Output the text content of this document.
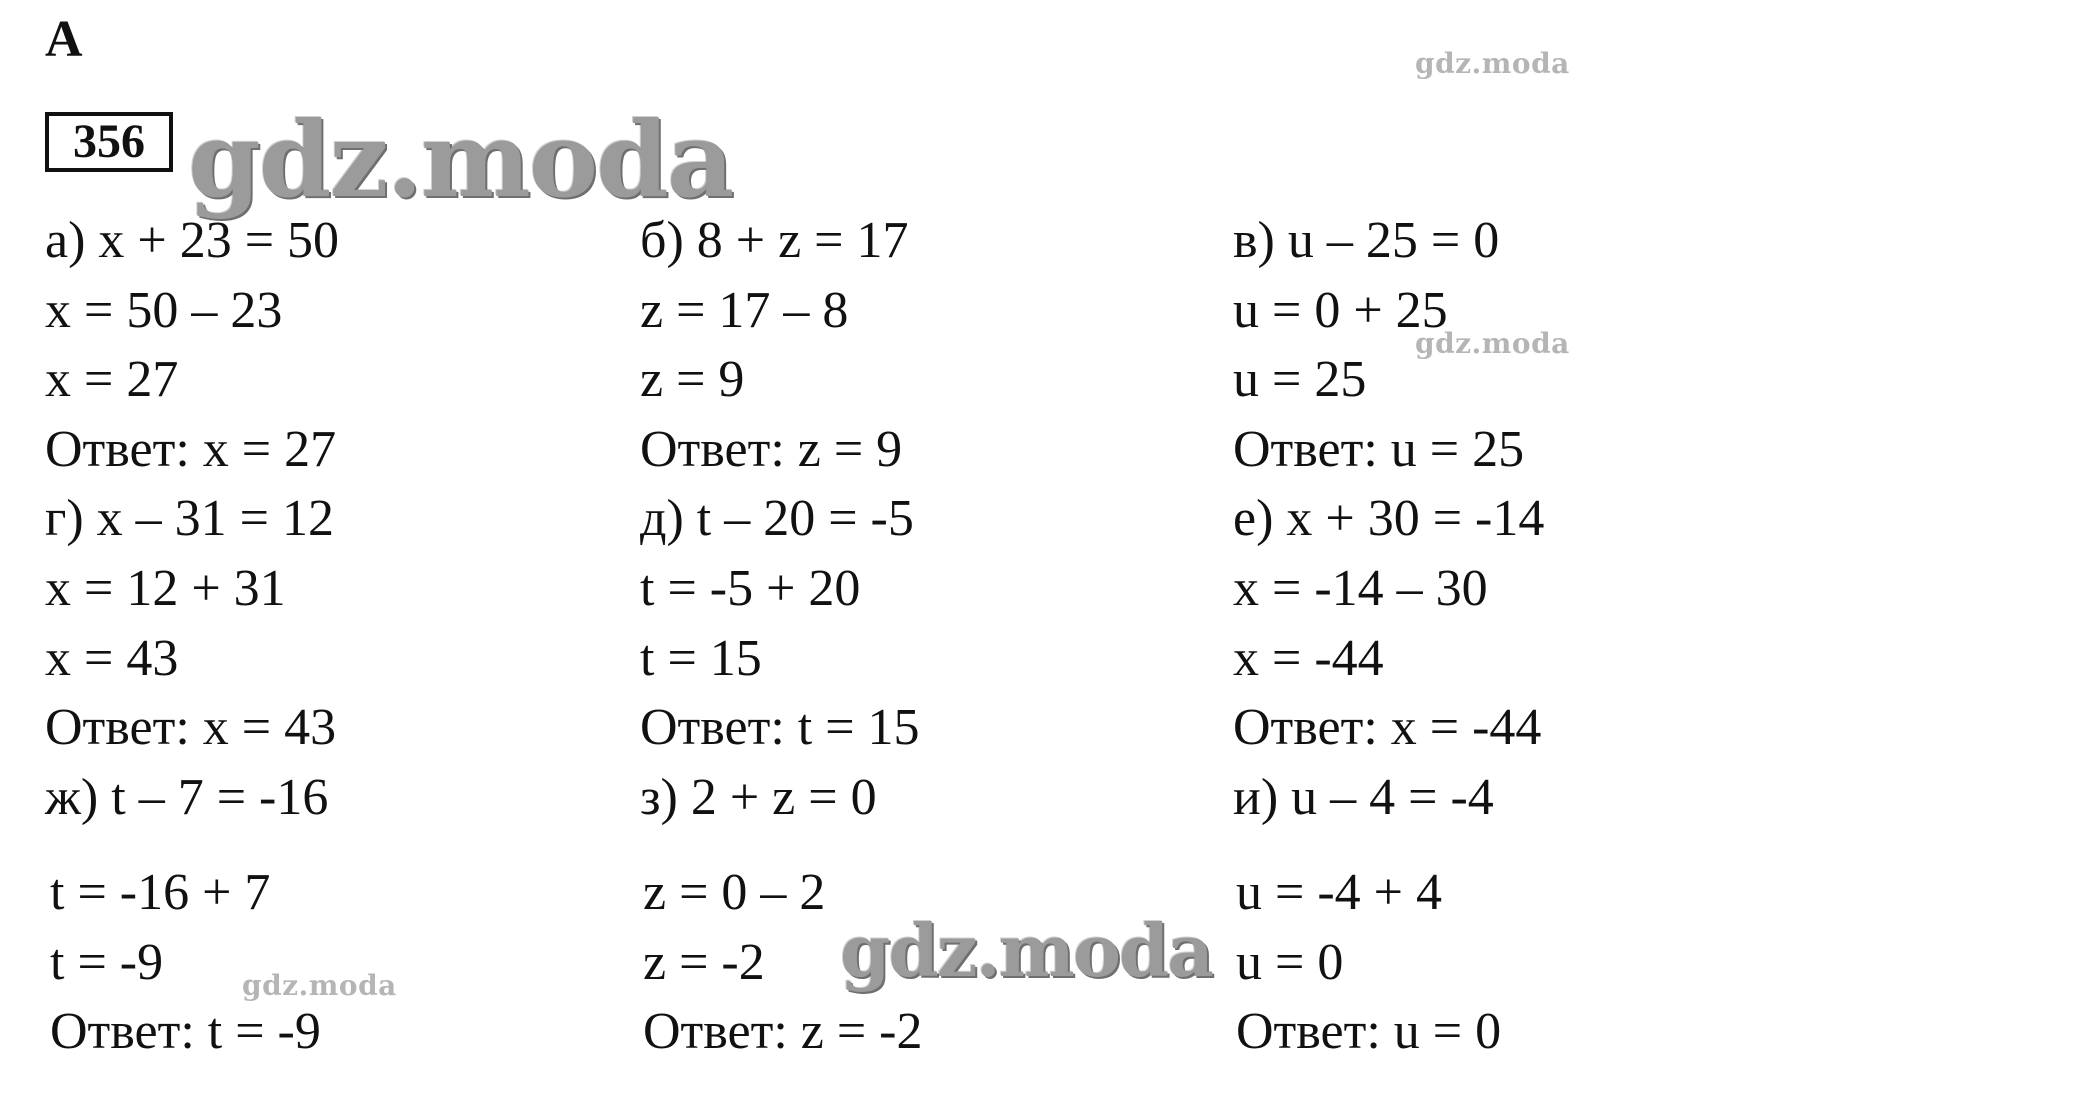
А
356 gdz.moda
gdz.moda
gdz.moda
gdz.moda	gdz.moda
а) x + 23 = 50
x = 50 – 23
x = 27
Ответ: x = 27
г) x – 31 = 12
x = 12 + 31
x = 43
Ответ: x = 43
ж) t – 7 = -16
t = -16 + 7
t = -9
Ответ: t = -9
б) 8 + z = 17
z = 17 – 8
z = 9
Ответ: z = 9
д) t – 20 = -5
t = -5 + 20
t = 15
Ответ: t = 15
з) 2 + z = 0
z = 0 – 2
z = -2
Ответ: z = -2
в) u – 25 = 0
u = 0 + 25
u = 25
Ответ: u = 25
е) x + 30 = -14
x = -14 – 30
x = -44
Ответ: x = -44
и) u – 4 = -4
u = -4 + 4
u = 0
Ответ: u = 0
